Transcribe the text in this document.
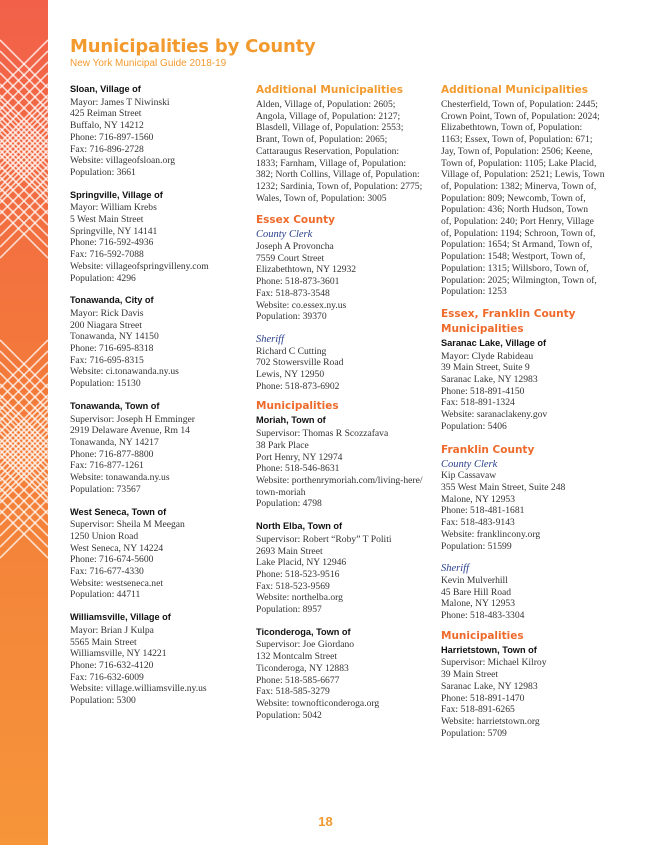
Municipalities by County
New York Municipal Guide 2018-19
Sloan, Village of
Mayor: James T Niwinski
425 Reiman Street
Buffalo, NY 14212
Phone: 716-897-1560
Fax: 716-896-2728
Website: villageofsloan.org
Population: 3661
Springville, Village of
Mayor: William Krebs
5 West Main Street
Springville, NY 14141
Phone: 716-592-4936
Fax: 716-592-7088
Website: villageofspringvilleny.com
Population: 4296
Tonawanda, City of
Mayor: Rick Davis
200 Niagara Street
Tonawanda, NY 14150
Phone: 716-695-8318
Fax: 716-695-8315
Website: ci.tonawanda.ny.us
Population: 15130
Tonawanda, Town of
Supervisor: Joseph H Emminger
2919 Delaware Avenue, Rm 14
Tonawanda, NY 14217
Phone: 716-877-8800
Fax: 716-877-1261
Website: tonawanda.ny.us
Population: 73567
West Seneca, Town of
Supervisor: Sheila M Meegan
1250 Union Road
West Seneca, NY 14224
Phone: 716-674-5600
Fax: 716-677-4330
Website: westseneca.net
Population: 44711
Williamsville, Village of
Mayor: Brian J Kulpa
5565 Main Street
Williamsville, NY 14221
Phone: 716-632-4120
Fax: 716-632-6009
Website: village.williamsville.ny.us
Population: 5300
Additional Municipalities
Alden, Village of, Population: 2605;
Angola, Village of, Population: 2127;
Blasdell, Village of, Population: 2553;
Brant, Town of, Population: 2065;
Cattaraugus Reservation, Population:
1833; Farnham, Village of, Population:
382; North Collins, Village of, Population:
1232; Sardinia, Town of, Population: 2775;
Wales, Town of, Population: 3005
Essex County
County Clerk
Joseph A Provoncha
7559 Court Street
Elizabethtown, NY 12932
Phone: 518-873-3601
Fax: 518-873-3548
Website: co.essex.ny.us
Population: 39370
Sheriff
Richard C Cutting
702 Stowersville Road
Lewis, NY 12950
Phone: 518-873-6902
Municipalities
Moriah, Town of
Supervisor: Thomas R Scozzafava
38 Park Place
Port Henry, NY 12974
Phone: 518-546-8631
Website: porthenrymoriah.com/living-here/
town-moriah
Population: 4798
North Elba, Town of
Supervisor: Robert “Roby” T Politi
2693 Main Street
Lake Placid, NY 12946
Phone: 518-523-9516
Fax: 518-523-9569
Website: northelba.org
Population: 8957
Ticonderoga, Town of
Supervisor: Joe Giordano
132 Montcalm Street
Ticonderoga, NY 12883
Phone: 518-585-6677
Fax: 518-585-3279
Website: townofticonderoga.org
Population: 5042
Additional Municipalities
Chesterfield, Town of, Population: 2445;
Crown Point, Town of, Population: 2024;
Elizabethtown, Town of, Population:
1163; Essex, Town of, Population: 671;
Jay, Town of, Population: 2506; Keene,
Town of, Population: 1105; Lake Placid,
Village of, Population: 2521; Lewis, Town
of, Population: 1382; Minerva, Town of,
Population: 809; Newcomb, Town of,
Population: 436; North Hudson, Town
of, Population: 240; Port Henry, Village
of, Population: 1194; Schroon, Town of,
Population: 1654; St Armand, Town of,
Population: 1548; Westport, Town of,
Population: 1315; Willsboro, Town of,
Population: 2025; Wilmington, Town of,
Population: 1253
Essex, Franklin County
Municipalities
Saranac Lake, Village of
Mayor: Clyde Rabideau
39 Main Street, Suite 9
Saranac Lake, NY 12983
Phone: 518-891-4150
Fax: 518-891-1324
Website: saranaclakeny.gov
Population: 5406
Franklin County
County Clerk
Kip Cassavaw
355 West Main Street, Suite 248
Malone, NY 12953
Phone: 518-481-1681
Fax: 518-483-9143
Website: franklincony.org
Population: 51599
Sheriff
Kevin Mulverhill
45 Bare Hill Road
Malone, NY 12953
Phone: 518-483-3304
Municipalities
Harrietstown, Town of
Supervisor: Michael Kilroy
39 Main Street
Saranac Lake, NY 12983
Phone: 518-891-1470
Fax: 518-891-6265
Website: harrietstown.org
Population: 5709
18
